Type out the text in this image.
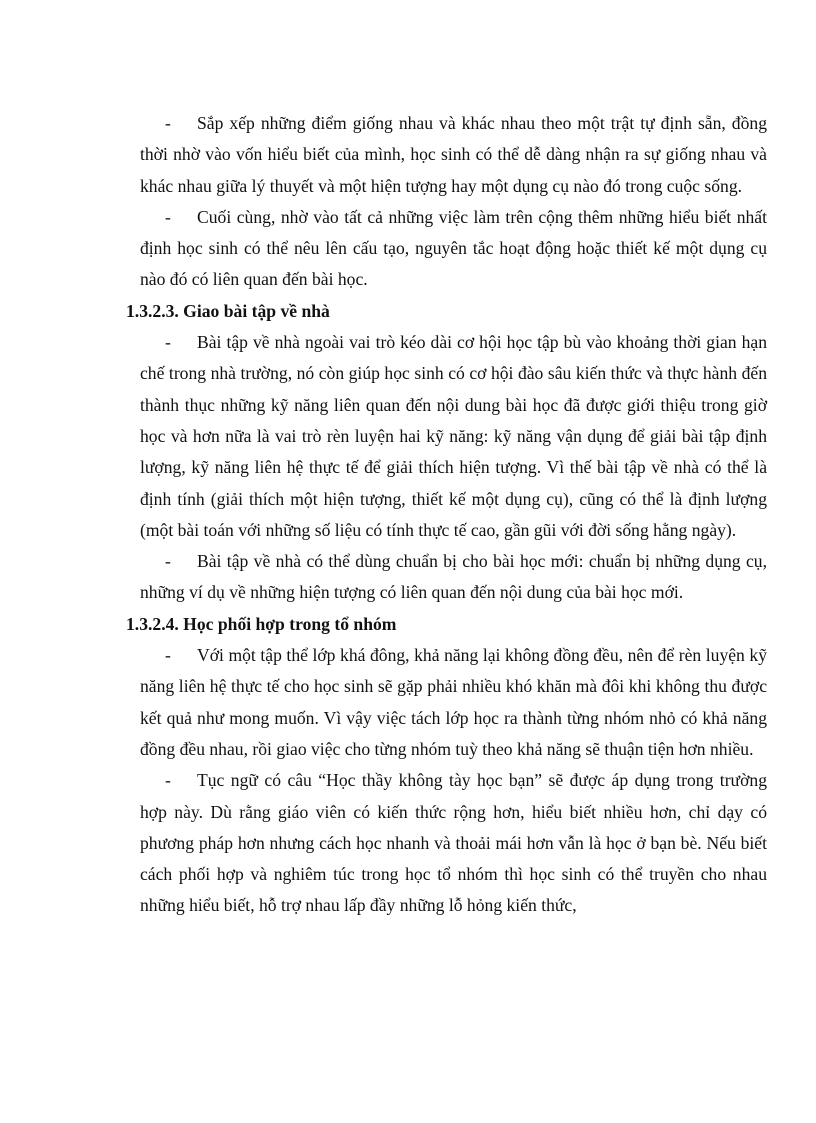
- Sắp xếp những điểm giống nhau và khác nhau theo một trật tự định sẵn, đồng thời nhờ vào vốn hiểu biết của mình, học sinh có thể dễ dàng nhận ra sự giống nhau và khác nhau giữa lý thuyết và một hiện tượng hay một dụng cụ nào đó trong cuộc sống.

- Cuối cùng, nhờ vào tất cả những việc làm trên cộng thêm những hiểu biết nhất định học sinh có thể nêu lên cấu tạo, nguyên tắc hoạt động hoặc thiết kế một dụng cụ nào đó có liên quan đến bài học.

1.3.2.3. Giao bài tập về nhà

- Bài tập về nhà ngoài vai trò kéo dài cơ hội học tập bù vào khoảng thời gian hạn chế trong nhà trường, nó còn giúp học sinh có cơ hội đào sâu kiến thức và thực hành đến thành thục những kỹ năng liên quan đến nội dung bài học đã được giới thiệu trong giờ học và hơn nữa là vai trò rèn luyện hai kỹ năng: kỹ năng vận dụng để giải bài tập định lượng, kỹ năng liên hệ thực tế để giải thích hiện tượng. Vì thế bài tập về nhà có thể là định tính (giải thích một hiện tượng, thiết kế một dụng cụ), cũng có thể là định lượng (một bài toán với những số liệu có tính thực tế cao, gần gũi với đời sống hằng ngày).

- Bài tập về nhà có thể dùng chuẩn bị cho bài học mới: chuẩn bị những dụng cụ, những ví dụ về những hiện tượng có liên quan đến nội dung của bài học mới.

1.3.2.4. Học phối hợp trong tổ nhóm

- Với một tập thể lớp khá đông, khả năng lại không đồng đều, nên để rèn luyện kỹ năng liên hệ thực tế cho học sinh sẽ gặp phải nhiều khó khăn mà đôi khi không thu được kết quả như mong muốn. Vì vậy việc tách lớp học ra thành từng nhóm nhỏ có khả năng đồng đều nhau, rồi giao việc cho từng nhóm tuỳ theo khả năng sẽ thuận tiện hơn nhiều.

- Tục ngữ có câu “Học thầy không tày học bạn” sẽ được áp dụng trong trường hợp này. Dù rằng giáo viên có kiến thức rộng hơn, hiểu biết nhiều hơn, chỉ dạy có phương pháp hơn nhưng cách học nhanh và thoải mái hơn vẫn là học ở bạn bè. Nếu biết cách phối hợp và nghiêm túc trong học tổ nhóm thì học sinh có thể truyền cho nhau những hiểu biết, hỗ trợ nhau lấp đầy những lỗ hỏng kiến thức,
